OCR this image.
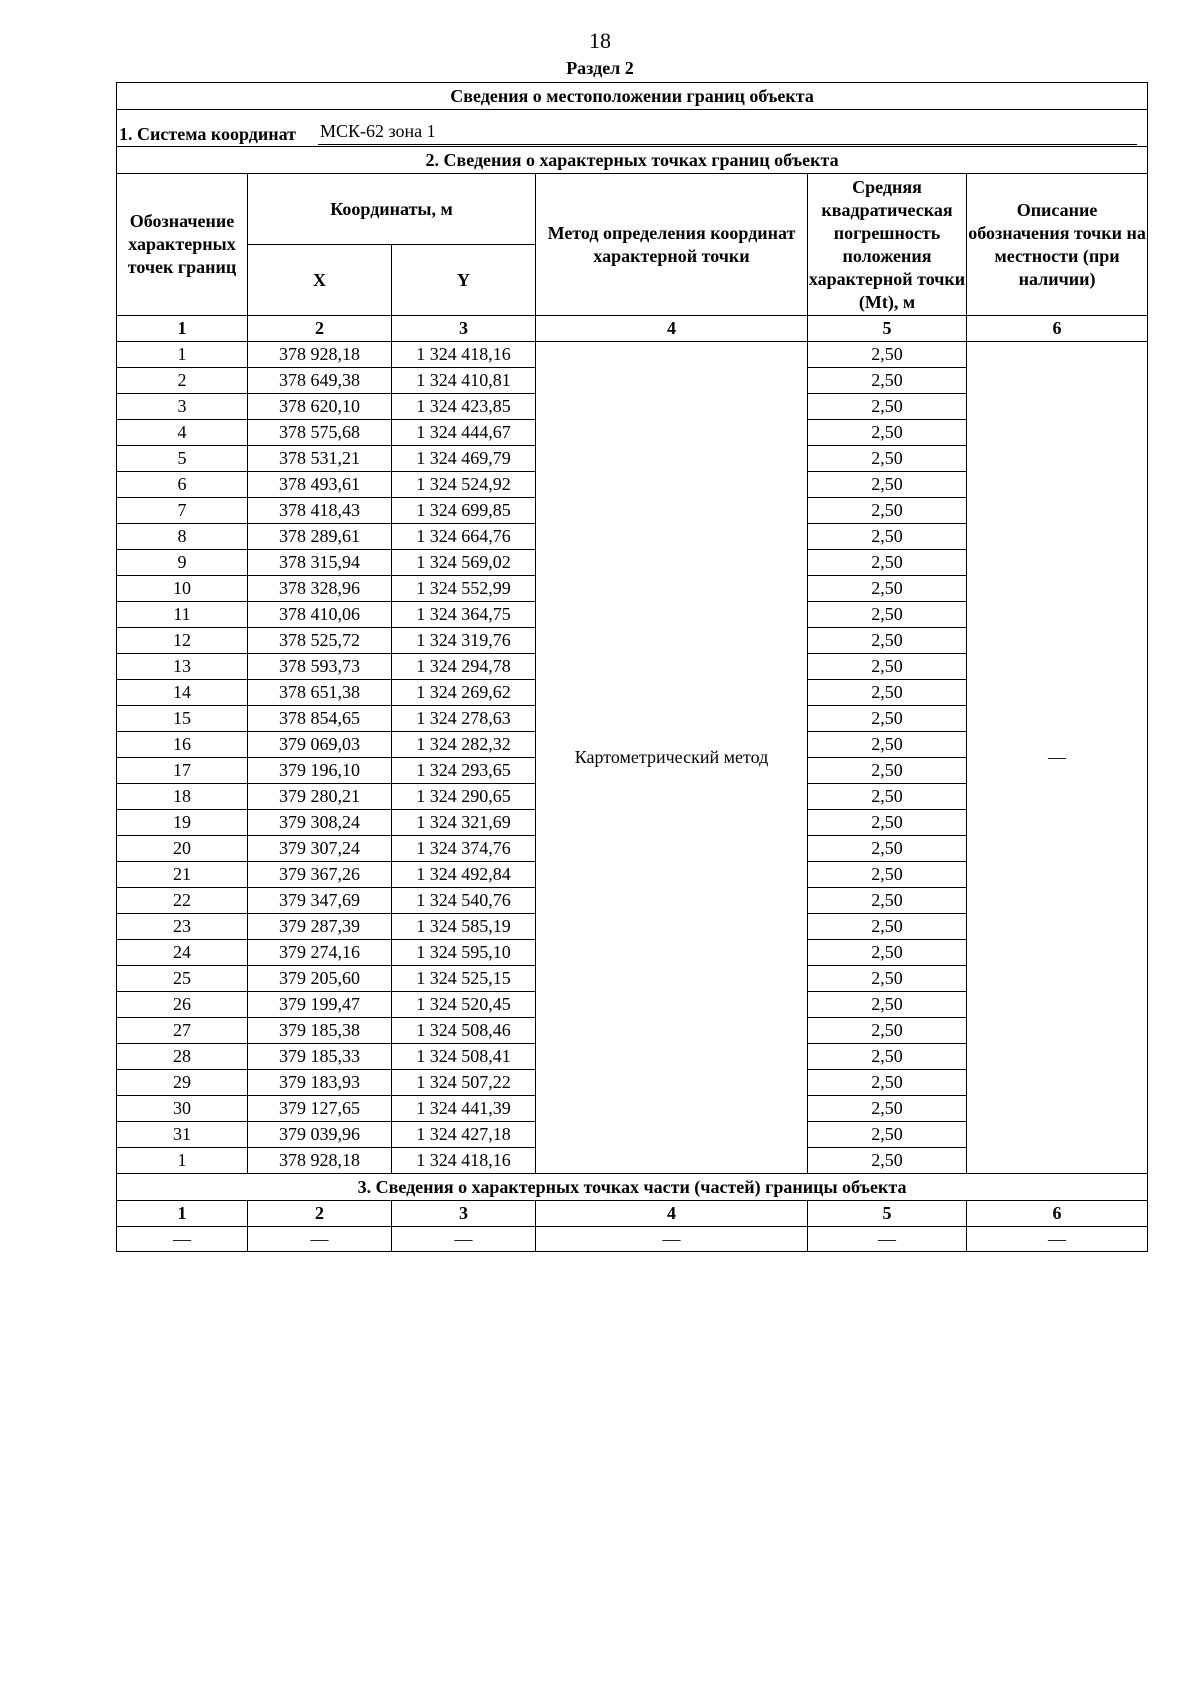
18
Раздел 2
Сведения о местоположении границ объекта					

1. Система координат МСК-62 зона 1					

2. Сведения о характерных точках границ объекта					
Обозначение характерных точек границ	Координаты, м		Метод определения координат характерной точки	Средняя квадратическая погрешность положения характерной точки (Mt), м	Описание обозначения точки на местности (при наличии)
	X	Y			
1	2	3	4	5	6
1	378 928,18	1 324 418,16	Картометрический метод	2,50	—
2	378 649,38	1 324 410,81		2,50	
3	378 620,10	1 324 423,85		2,50	
4	378 575,68	1 324 444,67		2,50	
5	378 531,21	1 324 469,79		2,50	
6	378 493,61	1 324 524,92		2,50	
7	378 418,43	1 324 699,85		2,50	
8	378 289,61	1 324 664,76		2,50	
9	378 315,94	1 324 569,02		2,50	
10	378 328,96	1 324 552,99		2,50	
11	378 410,06	1 324 364,75		2,50	
12	378 525,72	1 324 319,76		2,50	
13	378 593,73	1 324 294,78		2,50	
14	378 651,38	1 324 269,62		2,50	
15	378 854,65	1 324 278,63		2,50	
16	379 069,03	1 324 282,32		2,50	
17	379 196,10	1 324 293,65		2,50	
18	379 280,21	1 324 290,65		2,50	
19	379 308,24	1 324 321,69		2,50	
20	379 307,24	1 324 374,76		2,50	
21	379 367,26	1 324 492,84		2,50	
22	379 347,69	1 324 540,76		2,50	
23	379 287,39	1 324 585,19		2,50	
24	379 274,16	1 324 595,10		2,50	
25	379 205,60	1 324 525,15		2,50	
26	379 199,47	1 324 520,45		2,50	
27	379 185,38	1 324 508,46		2,50	
28	379 185,33	1 324 508,41		2,50	
29	379 183,93	1 324 507,22		2,50	
30	379 127,65	1 324 441,39		2,50	
31	379 039,96	1 324 427,18		2,50	
1	378 928,18	1 324 418,16		2,50	
3. Сведения о характерных точках части (частей) границы объекта					
1	2	3	4	5	6
—	—	—	—	—	—
